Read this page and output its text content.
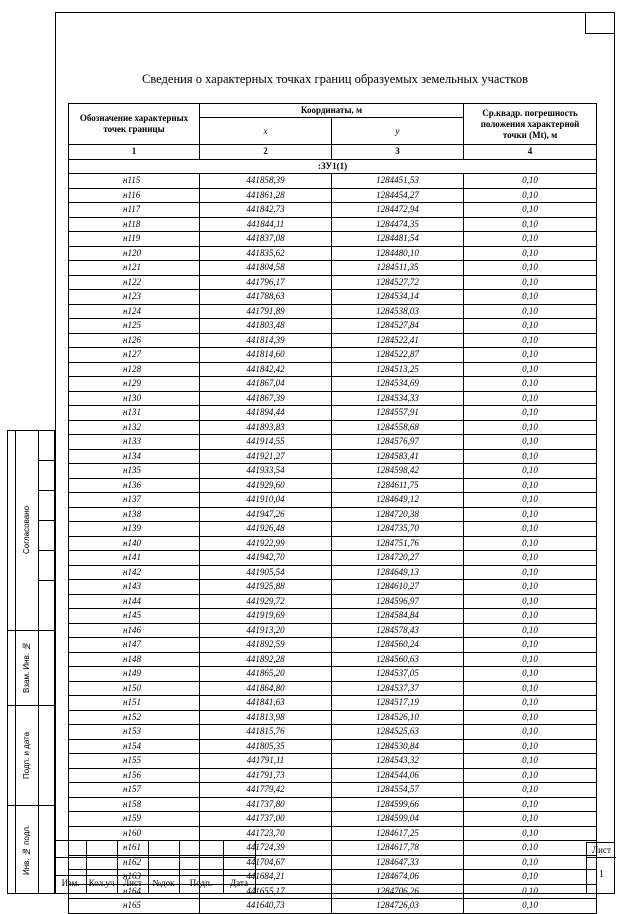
Сведения о характерных точках границ образуемых земельных участков
Обозначение характерных точек границы	Координаты, м		Ср.квадр. погрешность положения характерной точки (Mt), м
	x	y	
1	2	3	4
:ЗУ1(1)			
н115	441858,39	1284451,53	0,10
н116	441861,28	1284454,27	0,10
н117	441842,73	1284472,94	0,10
н118	441844,11	1284474,35	0,10
н119	441837,08	1284481,54	0,10
н120	441835,62	1284480,10	0,10
н121	441804,58	1284511,35	0,10
н122	441796,17	1284527,72	0,10
н123	441788,63	1284534,14	0,10
н124	441791,89	1284538,03	0,10
н125	441803,48	1284527,84	0,10
н126	441814,39	1284522,41	0,10
н127	441814,60	1284522,87	0,10
н128	441842,42	1284513,25	0,10
н129	441867,04	1284534,69	0,10
н130	441867,39	1284534,33	0,10
н131	441894,44	1284557,91	0,10
н132	441893,83	1284558,68	0,10
н133	441914,55	1284576,97	0,10
н134	441921,27	1284583,41	0,10
н135	441933,54	1284598,42	0,10
н136	441929,60	1284611,75	0,10
н137	441910,04	1284649,12	0,10
н138	441947,26	1284720,38	0,10
н139	441926,48	1284735,70	0,10
н140	441922,99	1284751,76	0,10
н141	441942,70	1284720,27	0,10
н142	441905,54	1284649,13	0,10
н143	441925,88	1284610,27	0,10
н144	441929,72	1284596,97	0,10
н145	441919,69	1284584,84	0,10
н146	441913,20	1284578,43	0,10
н147	441892,59	1284560,24	0,10
н148	441892,28	1284560,63	0,10
н149	441865,20	1284537,05	0,10
н150	441864,80	1284537,37	0,10
н151	441841,63	1284517,19	0,10
н152	441813,98	1284526,10	0,10
н153	441815,76	1284525,63	0,10
н154	441805,35	1284530,84	0,10
н155	441791,11	1284543,32	0,10
н156	441791,73	1284544,06	0,10
н157	441779,42	1284554,57	0,10
н158	441737,80	1284599,66	0,10
н159	441737,00	1284599,04	0,10
н160	441723,70	1284617,25	0,10
н161	441724,39	1284617,78	0,10
н162	441704,67	1284647,33	0,10
н163	441684,21	1284674,06	0,10
н164	441655,17	1284706,26	0,10
н165	441640,73	1284726,03	0,10
Согласовано
Взам. Инв. №
Подп. и дата
Инв. № подл.
Изм.	Кол.уч Лист	№док	Подп.	Дата
Лист
1
